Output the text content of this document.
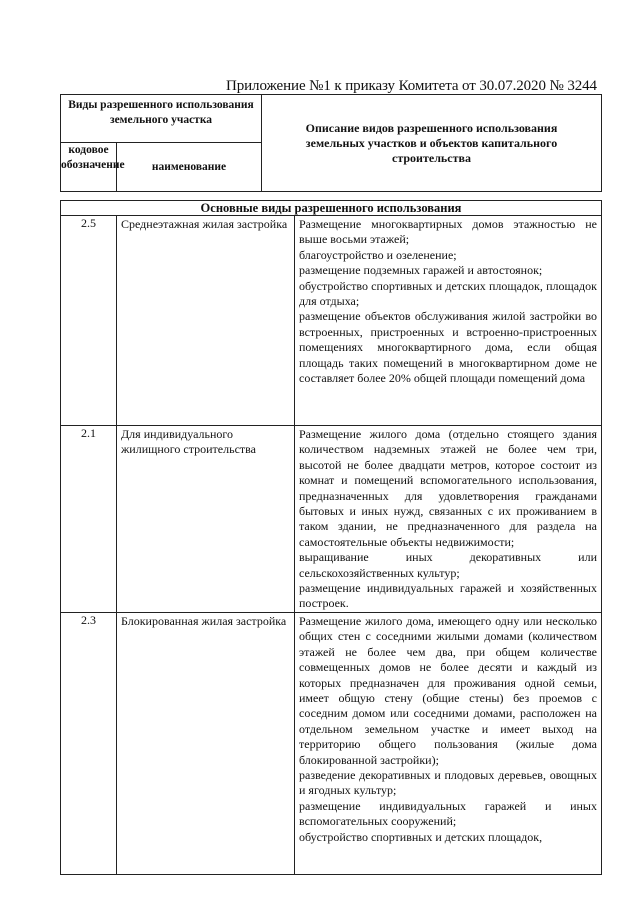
Приложение №1 к приказу Комитета от 30.07.2020 № 3244
Виды разрешенного использования земельного участка		Описание видов разрешенного использования земельных участков и объектов капитального строительства
кодовое обозначение	наименование	
Основные виды разрешенного использования		
2.5	Среднеэтажная жилая застройка	Размещение многоквартирных домов этажностью не выше восьми этажей;
благоустройство и озеленение;
размещение подземных гаражей и автостоянок;
обустройство спортивных и детских площадок, площадок для отдыха;
размещение объектов обслуживания жилой застройки во встроенных, пристроенных и встроенно-пристроенных помещениях многоквартирного дома, если общая площадь таких помещений в многоквартирном доме не составляет более 20% общей площади помещений дома

2.1	Для индивидуального жилищного строительства	Размещение жилого дома (отдельно стоящего здания количеством надземных этажей не более чем три, высотой не более двадцати метров, которое состоит из комнат и помещений вспомогательного использования, предназначенных для удовлетворения гражданами бытовых и иных нужд, связанных с их проживанием в таком здании, не предназначенного для раздела на самостоятельные объекты недвижимости;
выращивание иных декоративных или сельскохозяйственных культур;
размещение индивидуальных гаражей и хозяйственных построек.

2.3	Блокированная жилая застройка	Размещение жилого дома, имеющего одну или несколько общих стен с соседними жилыми домами (количеством этажей не более чем два, при общем количестве совмещенных домов не более десяти и каждый из которых предназначен для проживания одной семьи, имеет общую стену (общие стены) без проемов с соседним домом или соседними домами, расположен на отдельном земельном участке и имеет выход на территорию общего пользования (жилые дома блокированной застройки);
разведение декоративных и плодовых деревьев, овощных и ягодных культур;
размещение индивидуальных гаражей и иных вспомогательных сооружений;
обустройство спортивных и детских площадок,
